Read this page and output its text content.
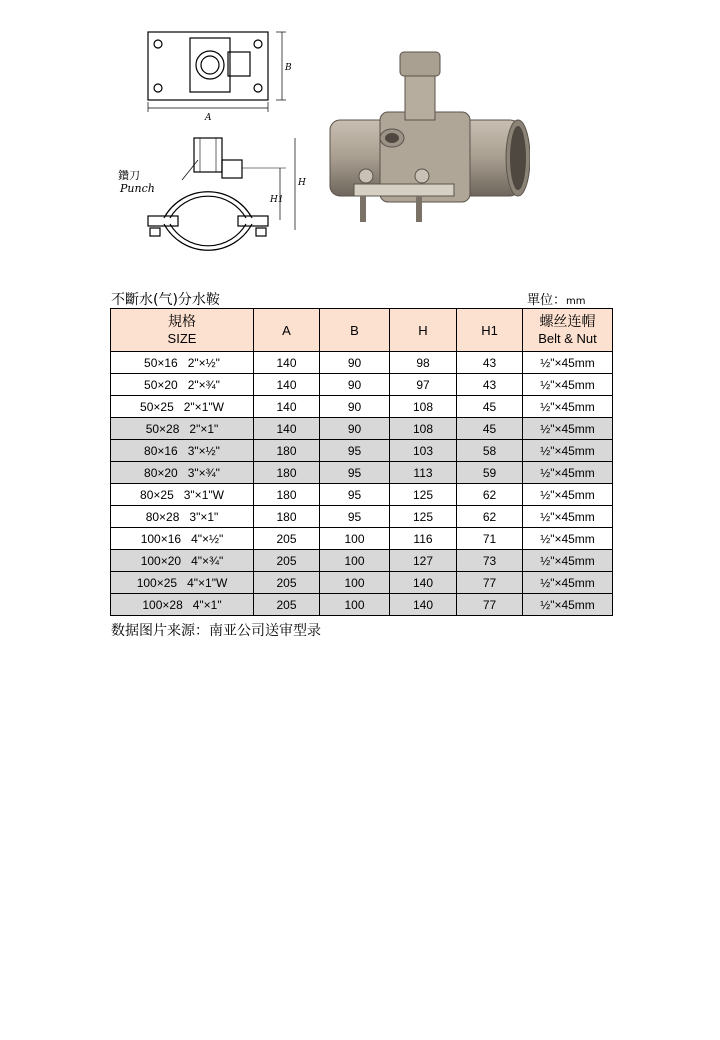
A
B
H
H1
鑽刀
Punch
不斷水(气)分水鞍	單位：mm
規格
SIZE	A	B	H	H1	螺丝连帽
Belt & Nut

50×16   2"×½"	140	90	98	43	½"×45mm
50×20   2"×¾"	140	90	97	43	½"×45mm
50×25   2"×1"W	140	90	108	45	½"×45mm
50×28   2"×1"	140	90	108	45	½"×45mm
80×16   3"×½"	180	95	103	58	½"×45mm
80×20   3"×¾"	180	95	113	59	½"×45mm
80×25   3"×1"W	180	95	125	62	½"×45mm
80×28   3"×1"	180	95	125	62	½"×45mm
100×16   4"×½"	205	100	116	71	½"×45mm
100×20   4"×¾"	205	100	127	73	½"×45mm
100×25   4"×1"W	205	100	140	77	½"×45mm
100×28   4"×1"	205	100	140	77	½"×45mm
数据图片来源：南亚公司送审型录
